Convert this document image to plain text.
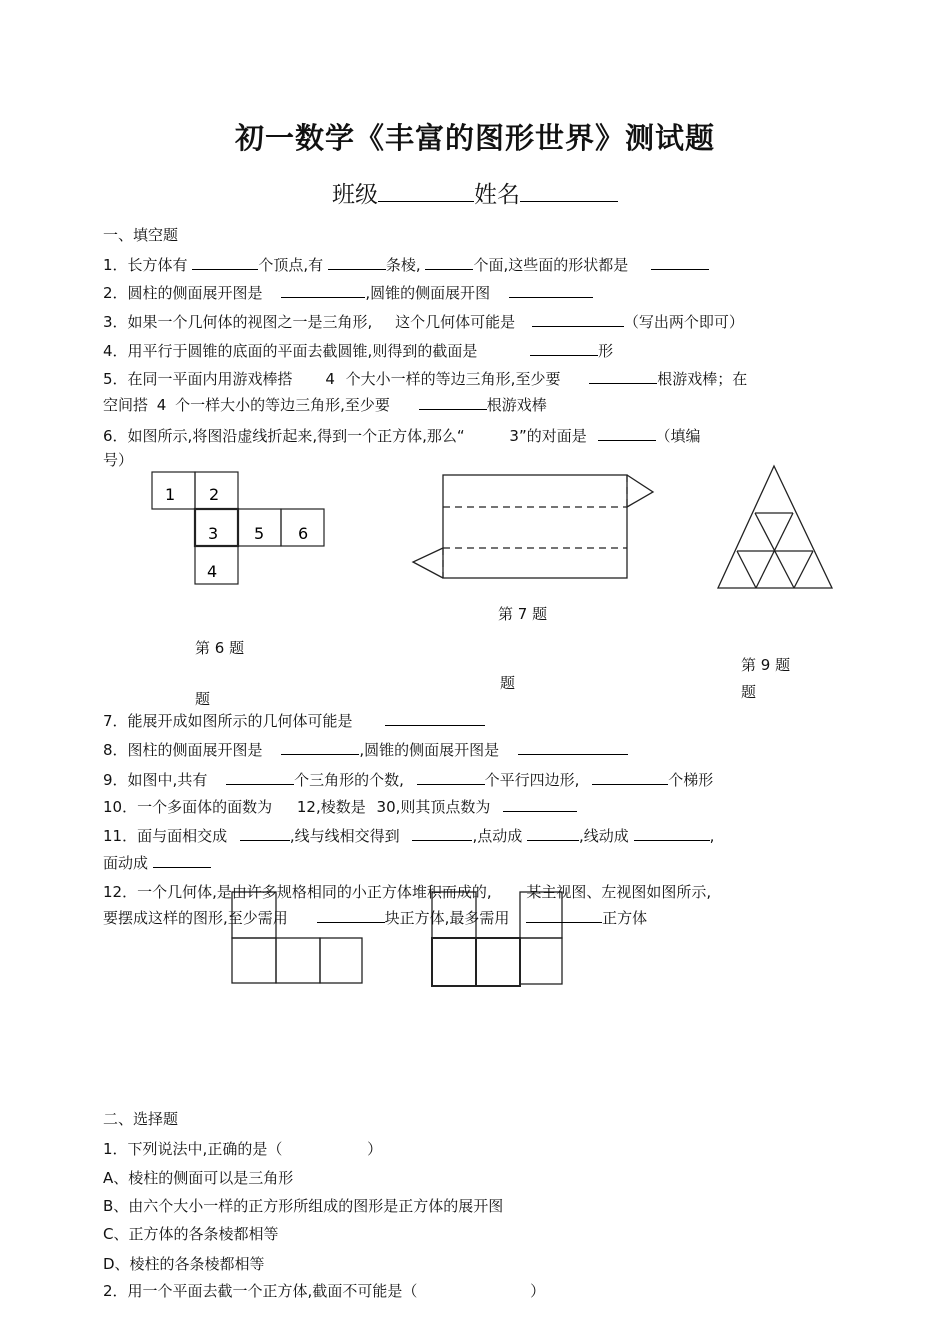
初一数学《丰富的图形世界》测试题
班级	姓名
一、填空题
1．长方体有	个顶点,有	条棱,	个面,这些面的形状都是
2．圆柱的侧面展开图是	,圆锥的侧面展开图
3．如果一个几何体的视图之一是三角形, 这个几何体可能是	（写出两个即可）
4．用平行于圆锥的底面的平面去截圆锥,则得到的截面是	形
5．在同一平面内用游戏棒搭 4 个大小一样的等边三角形,至少要	根游戏棒；在
空间搭 4 个一样大小的等边三角形,至少要	根游戏棒
6．如图所示,将图沿虚线折起来,得到一个正方体,那么“	3”的对面是	（填编
号）
1 2
3 5 6
4
第 6 题
题
第 7 题
题
第 9 题
题
7．能展开成如图所示的几何体可能是
8．图柱的侧面展开图是	,圆锥的侧面展开图是
9．如图中,共有	个三角形的个数,	个平行四边形,	个梯形
10．一个多面体的面数为 12,棱数是 30,则其顶点数为
11．面与面相交成	,线与线相交得到	,点动成	,线动成	,
面动成
12．一个几何体,是由许多规格相同的小正方体堆积而成的, 某主视图、左视图如图所示,
要摆成这样的图形,至少需用	块正方体,最多需用	正方体
二、选择题
1．下列说法中,正确的是（	）
A、棱柱的侧面可以是三角形
B、由六个大小一样的正方形所组成的图形是正方体的展开图
C、正方体的各条棱都相等
D、棱柱的各条棱都相等
2．用一个平面去截一个正方体,截面不可能是（	）
